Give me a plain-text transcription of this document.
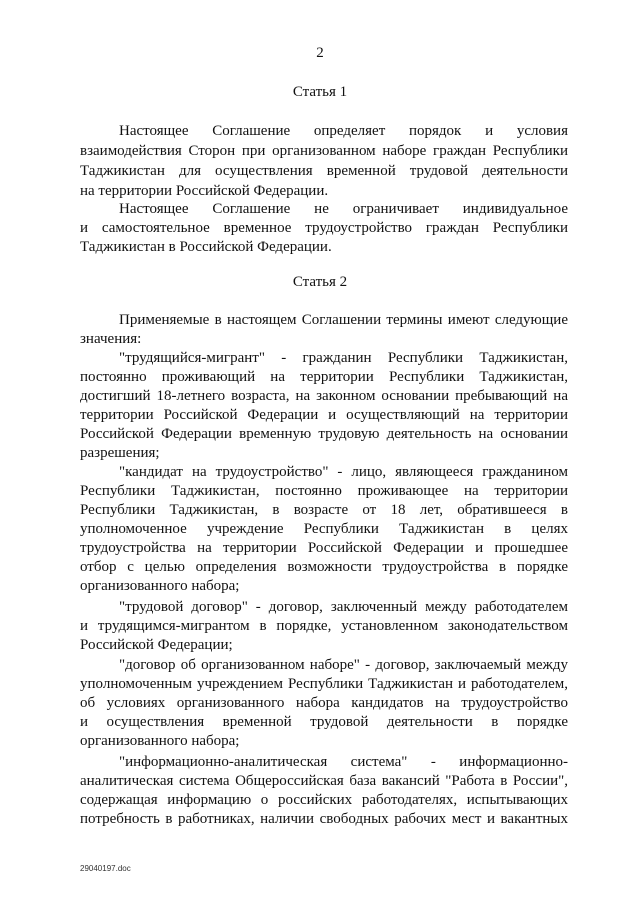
2
Статья 1
Настоящее Соглашение определяет порядок и условия
взаимодействия Сторон при организованном наборе граждан Республики
Таджикистан для осуществления временной трудовой деятельности
на территории Российской Федерации.
Настоящее Соглашение не ограничивает индивидуальное
и самостоятельное временное трудоустройство граждан Республики
Таджикистан в Российской Федерации.
Статья 2
Применяемые в настоящем Соглашении термины имеют следующие
значения:
"трудящийся-мигрант" - гражданин Республики Таджикистан,
постоянно проживающий на территории Республики Таджикистан,
достигший 18-летнего возраста, на законном основании пребывающий на
территории Российской Федерации и осуществляющий на территории
Российской Федерации временную трудовую деятельность на основании
разрешения;
"кандидат на трудоустройство" - лицо, являющееся гражданином
Республики Таджикистан, постоянно проживающее на территории
Республики Таджикистан, в возрасте от 18 лет, обратившееся в
уполномоченное учреждение Республики Таджикистан в целях
трудоустройства на территории Российской Федерации и прошедшее
отбор с целью определения возможности трудоустройства в порядке
организованного набора;
"трудовой договор" - договор, заключенный между работодателем
и трудящимся-мигрантом в порядке, установленном законодательством
Российской Федерации;
"договор об организованном наборе" - договор, заключаемый между
уполномоченным учреждением Республики Таджикистан и работодателем,
об условиях организованного набора кандидатов на трудоустройство
и осуществления временной трудовой деятельности в порядке
организованного набора;
"информационно-аналитическая система" - информационно-
аналитическая система Общероссийская база вакансий "Работа в России",
содержащая информацию о российских работодателях, испытывающих
потребность в работниках, наличии свободных рабочих мест и вакантных
29040197.doc
